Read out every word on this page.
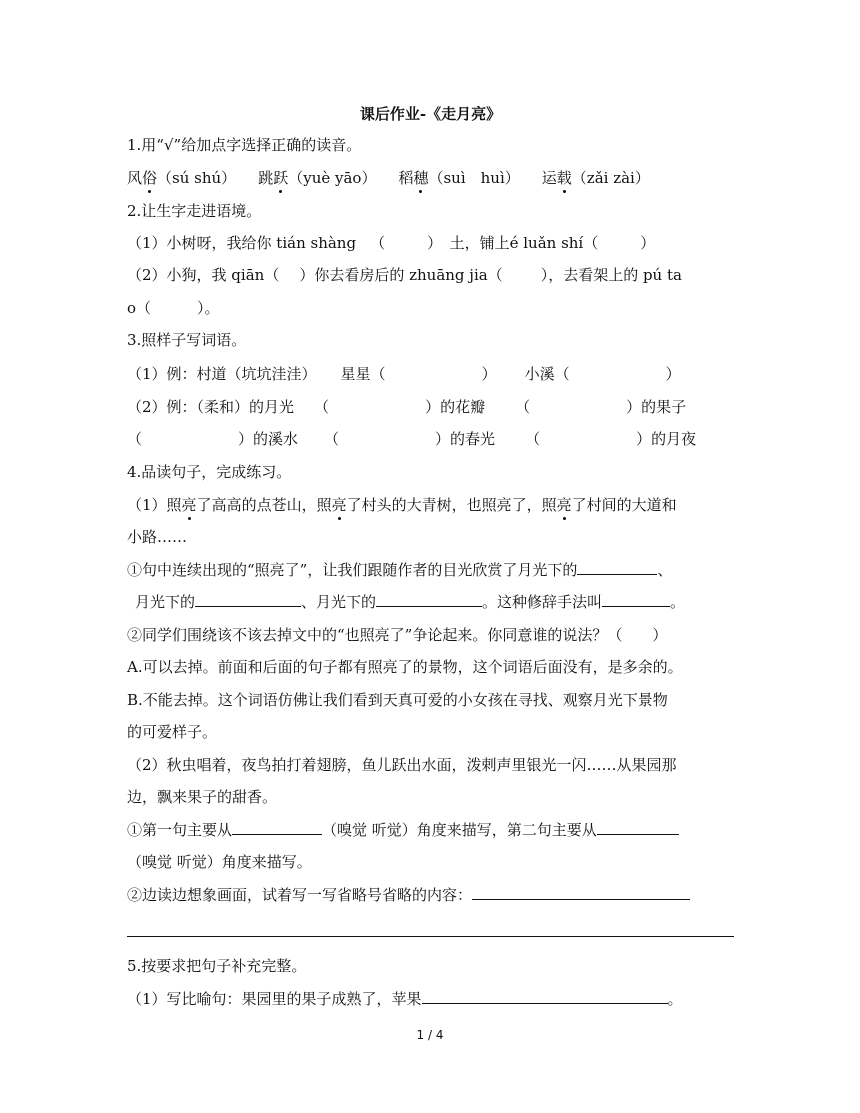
课后作业-《走月亮》
1.用“√”给加点字选择正确的读音。
风俗（sú shú） 跳跃（yuè yāo） 稻穗（suì　huì） 运载（zǎi zài）
2.让生字走进语境。
（1）小树呀，我给你 tián shàng （	）　土，铺上é luǎn shí（	）
（2）小狗，我 qiān（ ）你去看房后的 zhuāng jia（	），去看架上的 pú ta
o（	）。
3.照样子写词语。
（1）例：村道（坑坑洼洼） 星星（	） 小溪（	）
（2）例：（柔和）的月光 （	）的花瓣 （	）的果子
（	）的溪水 （	）的春光 （	）的月夜
4.品读句子，完成练习。
（1）照亮了高高的点苍山，照亮了村头的大青树，也照亮了，照亮了村间的大道和
小路……
①句中连续出现的“照亮了”，让我们跟随作者的目光欣赏了月光下的	、
月光下的	、月光下的	。这种修辞手法叫	。
②同学们围绕该不该去掉文中的“也照亮了”争论起来。你同意谁的说法？（　　）
A.可以去掉。前面和后面的句子都有照亮了的景物，这个词语后面没有，是多余的。
B.不能去掉。这个词语仿佛让我们看到天真可爱的小女孩在寻找、观察月光下景物
的可爱样子。
（2）秋虫唱着，夜鸟拍打着翅膀，鱼儿跃出水面，泼剌声里银光一闪……从果园那
边，飘来果子的甜香。
①第一句主要从	（嗅觉 听觉）角度来描写，第二句主要从
（嗅觉 听觉）角度来描写。
②边读边想象画面，试着写一写省略号省略的内容：
5.按要求把句子补充完整。
（1）写比喻句：果园里的果子成熟了，苹果	。
1 / 4
